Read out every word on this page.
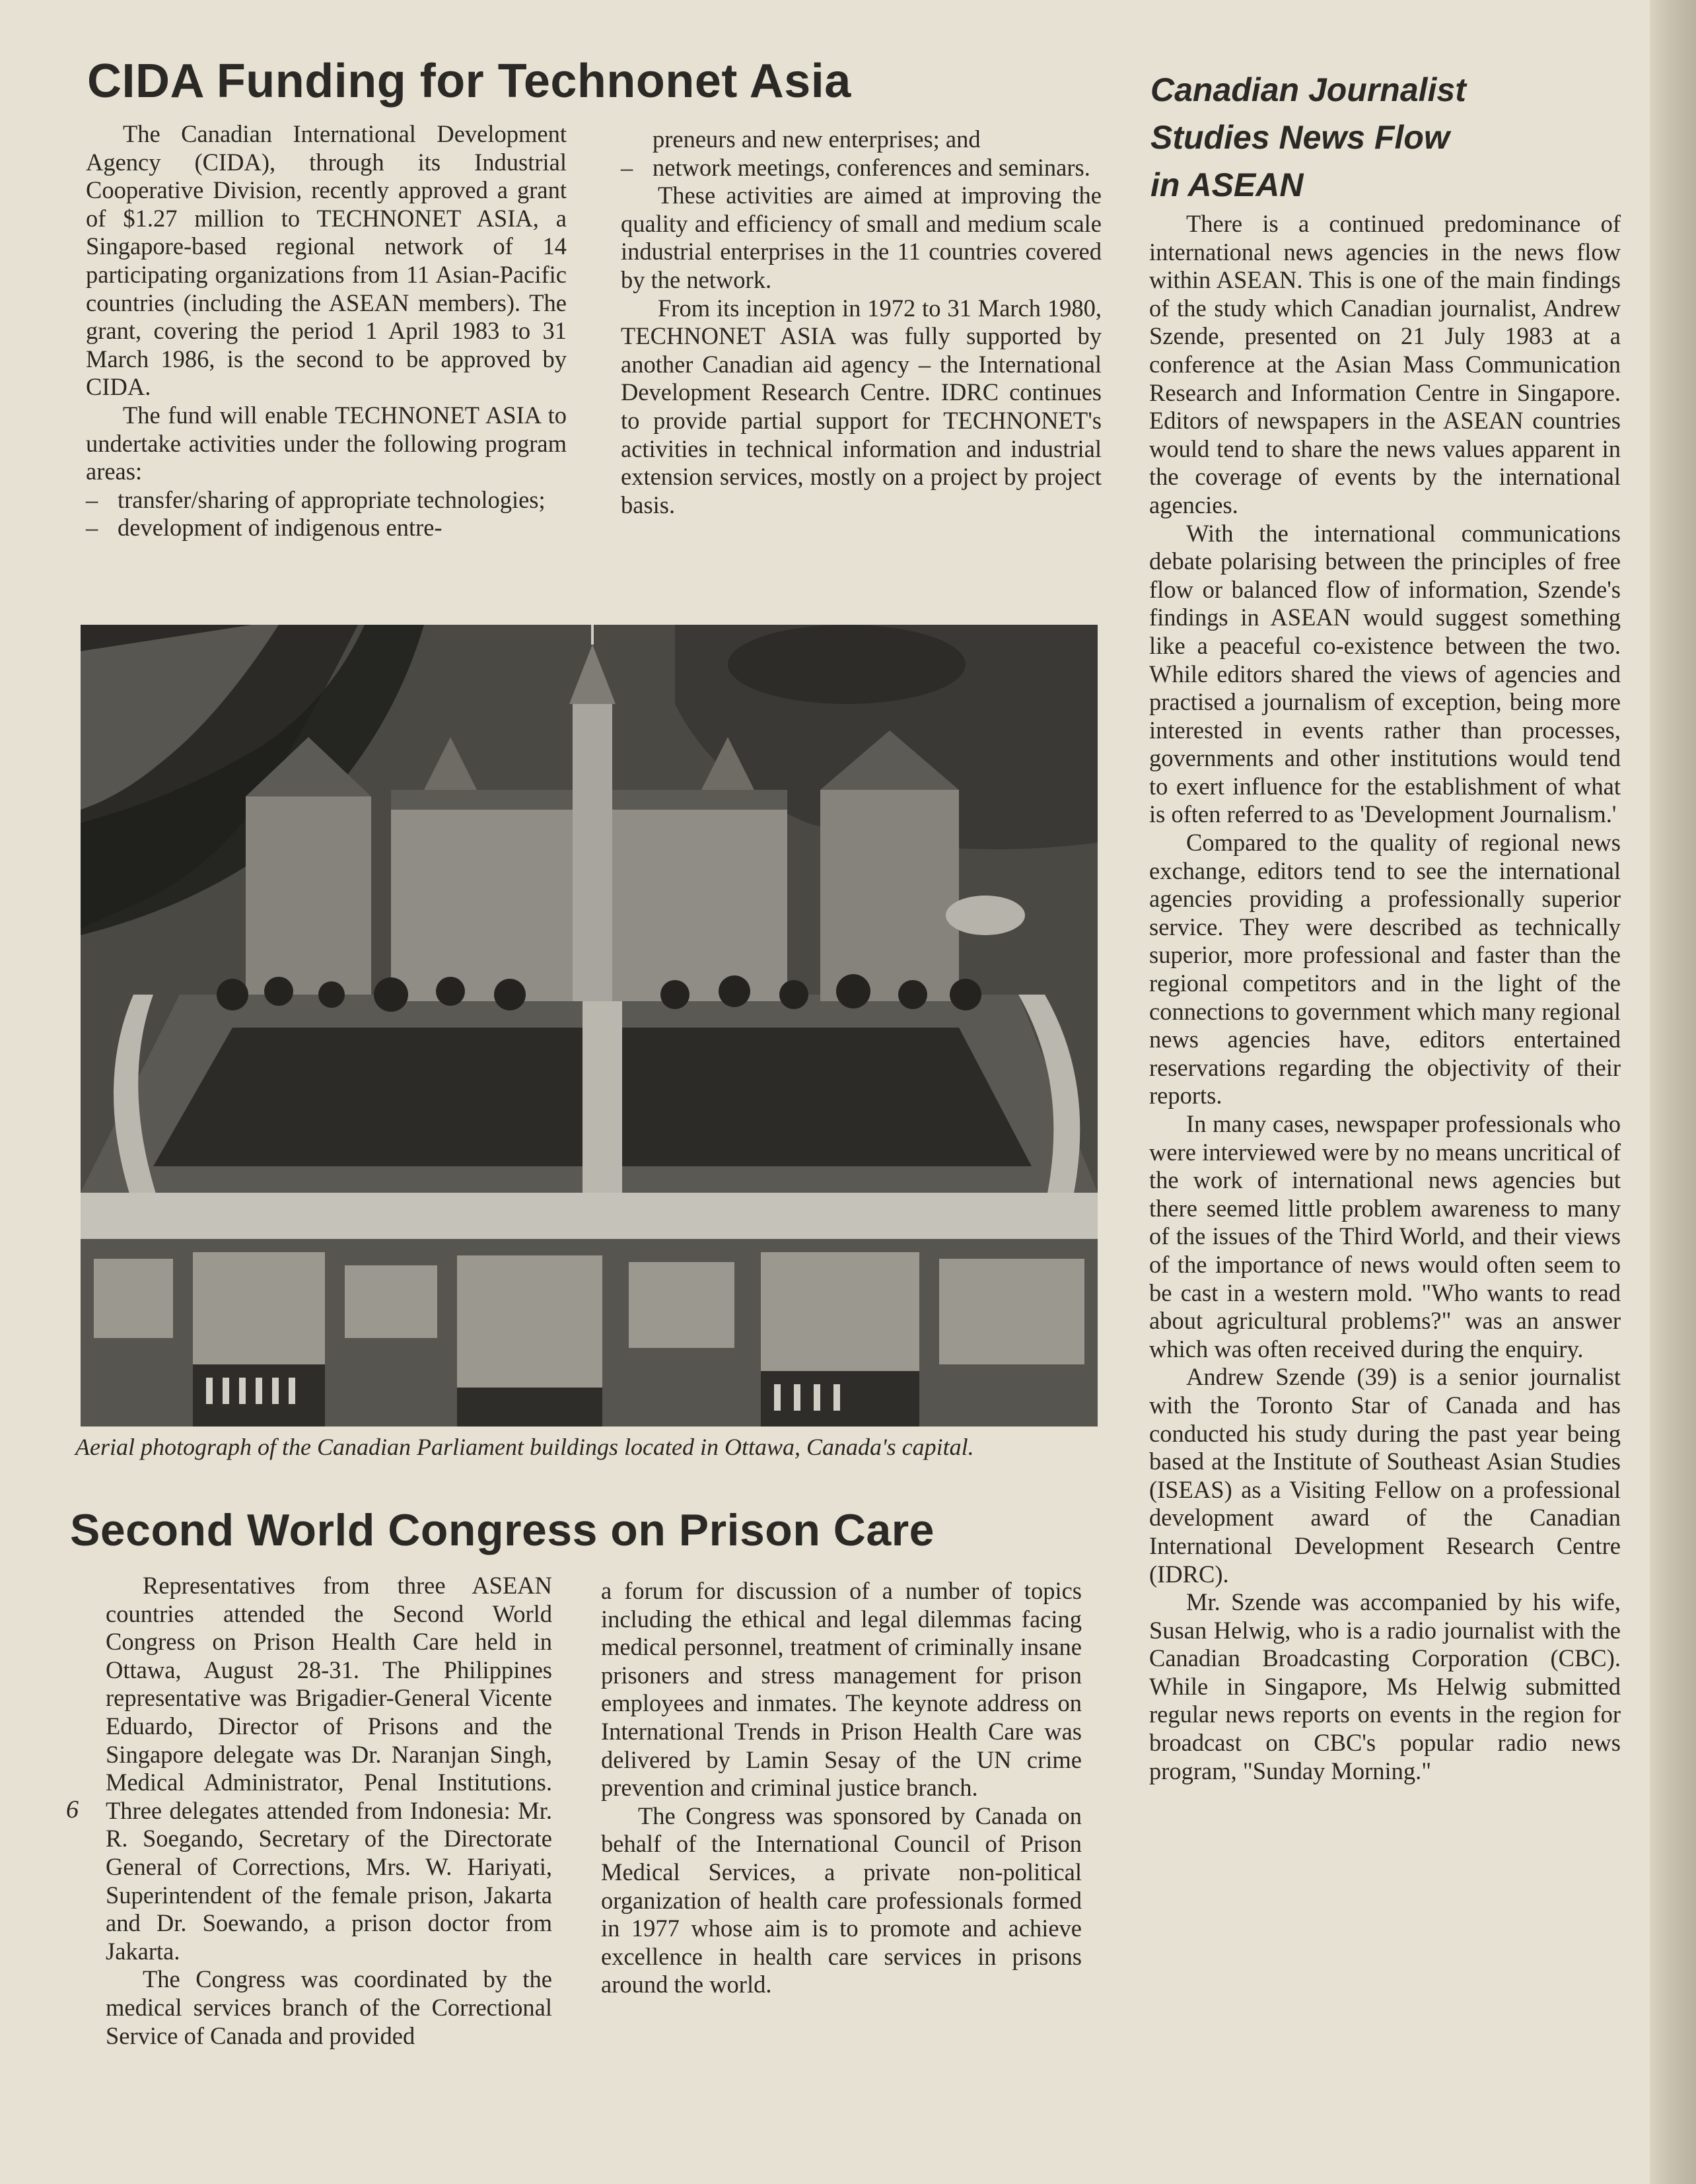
CIDA Funding for Technonet Asia

The Canadian International Development Agency (CIDA), through its Industrial Cooperative Division, recently approved a grant of $1.27 million to TECHNONET ASIA, a Singapore-based regional network of 14 participating organizations from 11 Asian-Pacific countries (including the ASEAN members). The grant, covering the period 1 April 1983 to 31 March 1986, is the second to be approved by CIDA.

The fund will enable TECHNONET ASIA to undertake activities under the following program areas:

– transfer/sharing of appropriate technologies;

– development of indigenous entre-

preneurs and new enterprises; and

– network meetings, conferences and seminars.

These activities are aimed at improving the quality and efficiency of small and medium scale industrial enterprises in the 11 countries covered by the network.

From its inception in 1972 to 31 March 1980, TECHNONET ASIA was fully supported by another Canadian aid agency – the International Development Research Centre. IDRC continues to provide partial support for TECHNONET's activities in technical information and industrial extension services, mostly on a project by project basis.

Aerial photograph of the Canadian Parliament buildings located in Ottawa, Canada's capital.

Canadian Journalist
Studies News Flow
in ASEAN

There is a continued predominance of international news agencies in the news flow within ASEAN. This is one of the main findings of the study which Canadian journalist, Andrew Szende, presented on 21 July 1983 at a conference at the Asian Mass Communication Research and Information Centre in Singapore. Editors of newspapers in the ASEAN countries would tend to share the news values apparent in the coverage of events by the international agencies.

With the international communications debate polarising between the principles of free flow or balanced flow of information, Szende's findings in ASEAN would suggest something like a peaceful co-existence between the two. While editors shared the views of agencies and practised a journalism of exception, being more interested in events rather than processes, governments and other institutions would tend to exert influence for the establishment of what is often referred to as 'Development Journalism.'

Compared to the quality of regional news exchange, editors tend to see the international agencies providing a professionally superior service. They were described as technically superior, more professional and faster than the regional competitors and in the light of the connections to government which many regional news agencies have, editors entertained reservations regarding the objectivity of their reports.

In many cases, newspaper professionals who were interviewed were by no means uncritical of the work of international news agencies but there seemed little problem awareness to many of the issues of the Third World, and their views of the importance of news would often seem to be cast in a western mold. "Who wants to read about agricultural problems?" was an answer which was often received during the enquiry.

Andrew Szende (39) is a senior journalist with the Toronto Star of Canada and has conducted his study during the past year being based at the Institute of Southeast Asian Studies (ISEAS) as a Visiting Fellow on a professional development award of the Canadian International Development Research Centre (IDRC).

Mr. Szende was accompanied by his wife, Susan Helwig, who is a radio journalist with the Canadian Broadcasting Corporation (CBC). While in Singapore, Ms Helwig submitted regular news reports on events in the region for broadcast on CBC's popular radio news program, "Sunday Morning."

Second World Congress on Prison Care

Representatives from three ASEAN countries attended the Second World Congress on Prison Health Care held in Ottawa, August 28-31. The Philippines representative was Brigadier-General Vicente Eduardo, Director of Prisons and the Singapore delegate was Dr. Naranjan Singh, Medical Administrator, Penal Institutions. Three delegates attended from Indonesia: Mr. R. Soegando, Secretary of the Directorate General of Corrections, Mrs. W. Hariyati, Superintendent of the female prison, Jakarta and Dr. Soewando, a prison doctor from Jakarta.

The Congress was coordinated by the medical services branch of the Correctional Service of Canada and provided

a forum for discussion of a number of topics including the ethical and legal dilemmas facing medical personnel, treatment of criminally insane prisoners and stress management for prison employees and inmates. The keynote address on International Trends in Prison Health Care was delivered by Lamin Sesay of the UN crime prevention and criminal justice branch.

The Congress was sponsored by Canada on behalf of the International Council of Prison Medical Services, a private non-political organization of health care professionals formed in 1977 whose aim is to promote and achieve excellence in health care services in prisons around the world.

6
